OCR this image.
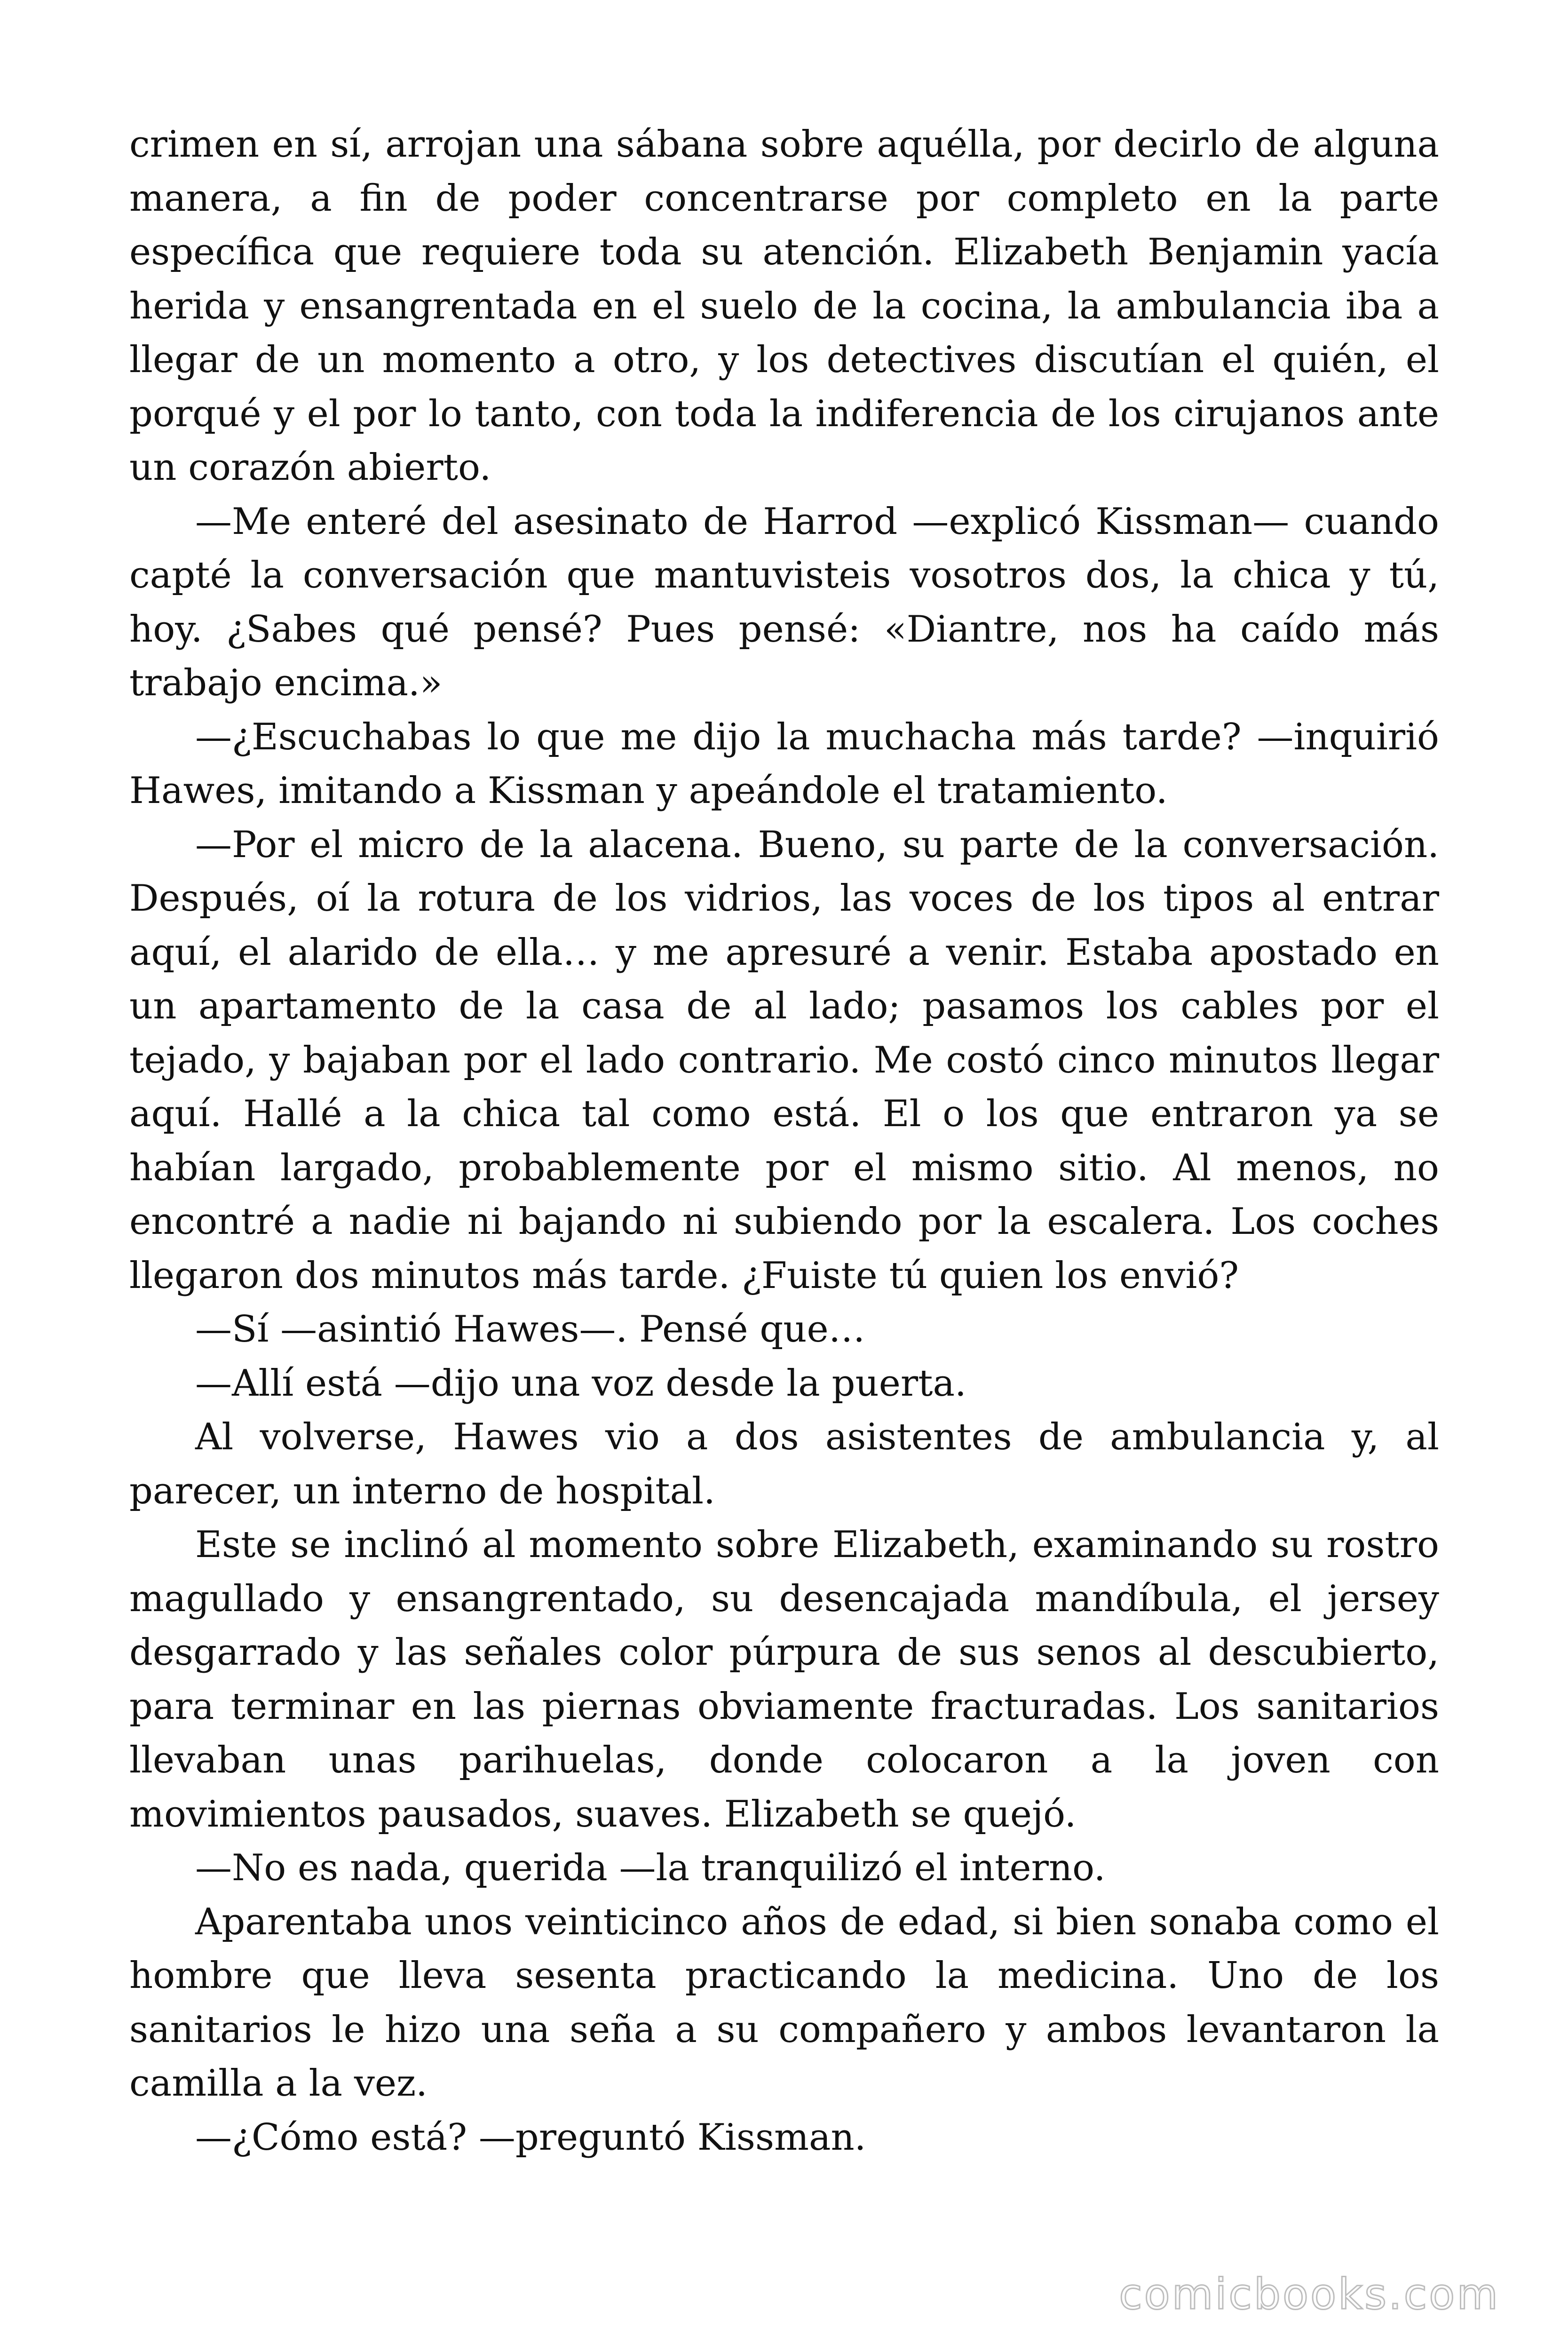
crimen en sí, arrojan una sábana sobre aquélla, por decirlo de alguna manera, a fin de poder concentrarse por completo en la parte específica que requiere toda su atención. Elizabeth Benjamin yacía herida y ensangrentada en el suelo de la cocina, la ambulancia iba a llegar de un momento a otro, y los detectives discutían el quién, el porqué y el por lo tanto, con toda la indiferencia de los cirujanos ante un corazón abierto.

—Me enteré del asesinato de Harrod —explicó Kissman— cuando capté la conversación que mantuvisteis vosotros dos, la chica y tú, hoy. ¿Sabes qué pensé? Pues pensé: «Diantre, nos ha caído más trabajo encima.»

—¿Escuchabas lo que me dijo la muchacha más tarde? —inquirió Hawes, imitando a Kissman y apeándole el tratamiento.

—Por el micro de la alacena. Bueno, su parte de la conversación. Después, oí la rotura de los vidrios, las voces de los tipos al entrar aquí, el alarido de ella… y me apresuré a venir. Estaba apostado en un apartamento de la casa de al lado; pasamos los cables por el tejado, y bajaban por el lado contrario. Me costó cinco minutos llegar aquí. Hallé a la chica tal como está. El o los que entraron ya se habían largado, probablemente por el mismo sitio. Al menos, no encontré a nadie ni bajando ni subiendo por la escalera. Los coches llegaron dos minutos más tarde. ¿Fuiste tú quien los envió?

—Sí —asintió Hawes—. Pensé que…

—Allí está —dijo una voz desde la puerta.

Al volverse, Hawes vio a dos asistentes de ambulancia y, al parecer, un interno de hospital.

Este se inclinó al momento sobre Elizabeth, examinando su rostro magullado y ensangrentado, su desencajada mandíbula, el jersey desgarrado y las señales color púrpura de sus senos al descubierto, para terminar en las piernas obviamente fracturadas. Los sanitarios llevaban unas parihuelas, donde colocaron a la joven con movimientos pausados, suaves. Elizabeth se quejó.

—No es nada, querida —la tranquilizó el interno.

Aparentaba unos veinticinco años de edad, si bien sonaba como el hombre que lleva sesenta practicando la medicina. Uno de los sanitarios le hizo una seña a su compañero y ambos levantaron la camilla a la vez.

—¿Cómo está? —preguntó Kissman.

comicbooks.com
